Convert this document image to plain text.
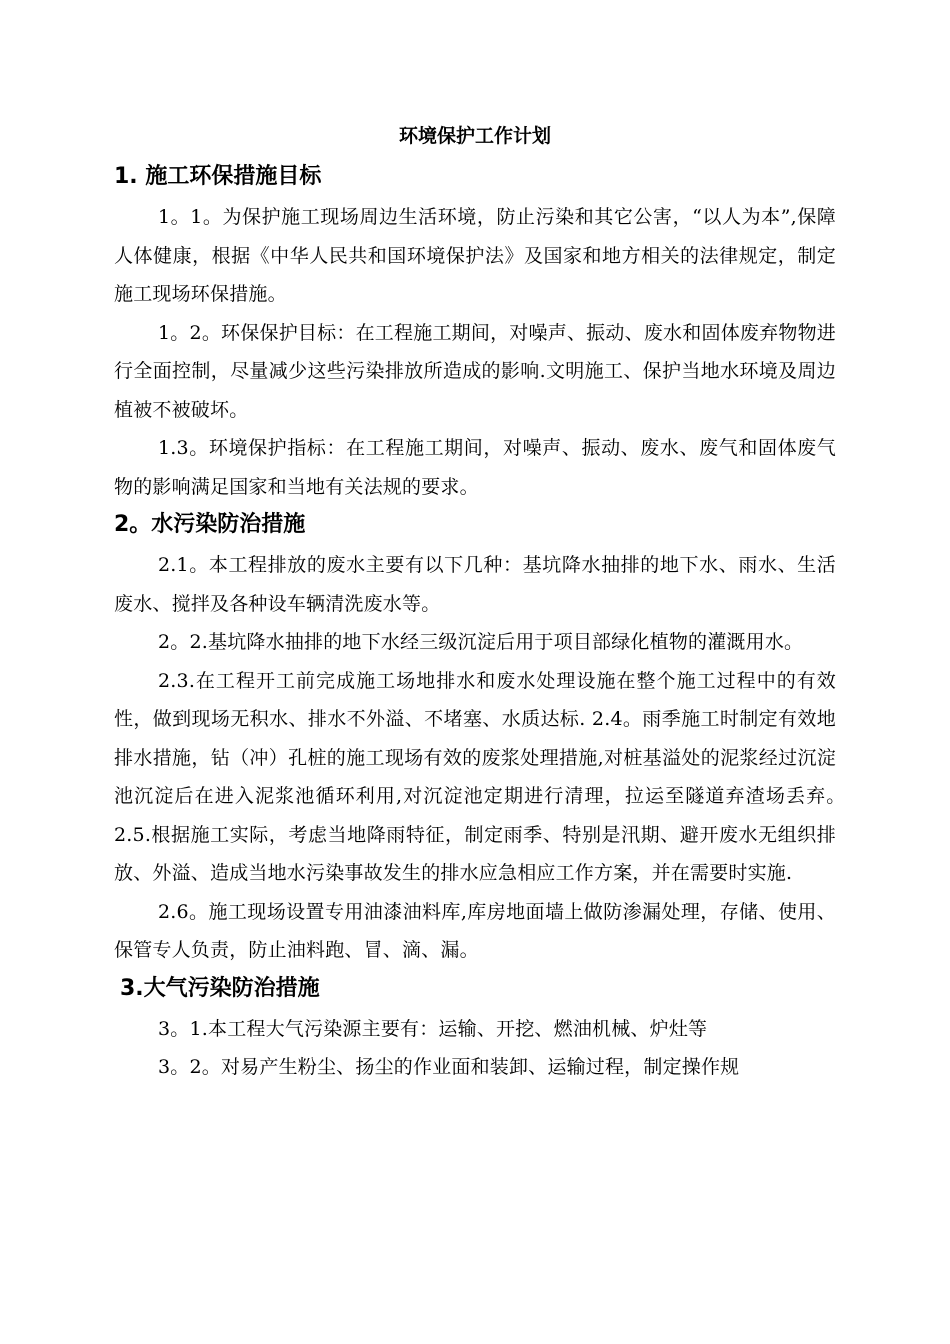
环境保护工作计划
1. 施工环保措施目标

1。1。为保护施工现场周边生活环境，防止污染和其它公害，“以人为本”,保障人体健康，根据《中华人民共和国环境保护法》及国家和地方相关的法律规定，制定施工现场环保措施。

1。2。环保保护目标：在工程施工期间，对噪声、振动、废水和固体废弃物物进行全面控制，尽量减少这些污染排放所造成的影响.文明施工、保护当地水环境及周边植被不被破坏。

1.3。环境保护指标：在工程施工期间，对噪声、振动、废水、废气和固体废气物的影响满足国家和当地有关法规的要求。

2。水污染防治措施

2.1。本工程排放的废水主要有以下几种：基坑降水抽排的地下水、雨水、生活废水、搅拌及各种设车辆清洗废水等。

2。2.基坑降水抽排的地下水经三级沉淀后用于项目部绿化植物的灌溉用水。

2.3.在工程开工前完成施工场地排水和废水处理设施在整个施工过程中的有效性，做到现场无积水、排水不外溢、不堵塞、水质达标. 2.4。雨季施工时制定有效地排水措施，钻（冲）孔桩的施工现场有效的废浆处理措施,对桩基溢处的泥浆经过沉淀池沉淀后在进入泥浆池循环利用,对沉淀池定期进行清理，拉运至隧道弃渣场丢弃。　 2.5.根据施工实际，考虑当地降雨特征，制定雨季、特别是汛期、避开废水无组织排放、外溢、造成当地水污染事故发生的排水应急相应工作方案，并在需要时实施.

2.6。施工现场设置专用油漆油料库,库房地面墙上做防渗漏处理，存储、使用、保管专人负责，防止油料跑、冒、滴、漏。

3.大气污染防治措施

3。1.本工程大气污染源主要有：运输、开挖、燃油机械、炉灶等

3。2。对易产生粉尘、扬尘的作业面和装卸、运输过程，制定操作规
